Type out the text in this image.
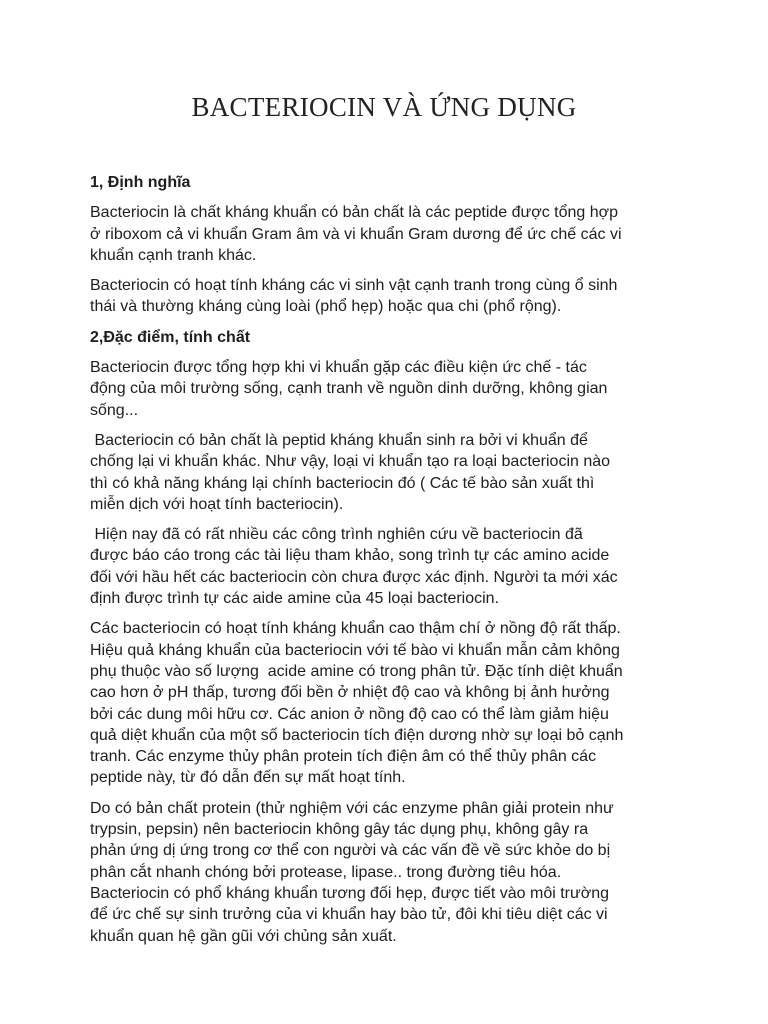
BACTERIOCIN VÀ ỨNG DỤNG
1, Định nghĩa
Bacteriocin là chất kháng khuẩn có bản chất là các peptide được tổng hợp
ở riboxom cả vi khuẩn Gram âm và vi khuẩn Gram dương để ức chế các vi
khuẩn cạnh tranh khác.
Bacteriocin có hoạt tính kháng các vi sinh vật cạnh tranh trong cùng ổ sinh
thái và thường kháng cùng loài (phổ hẹp) hoặc qua chi (phổ rộng).
2,Đặc điểm, tính chất
Bacteriocin được tổng hợp khi vi khuẩn gặp các điều kiện ức chế - tác
động của môi trường sống, cạnh tranh về nguồn dinh dưỡng, không gian
sống...
Bacteriocin có bản chất là peptid kháng khuẩn sinh ra bởi vi khuẩn để
chống lại vi khuẩn khác. Như vậy, loại vi khuẩn tạo ra loại bacteriocin nào
thì có khả năng kháng lại chính bacteriocin đó ( Các tế bào sản xuất thì
miễn dịch với hoạt tính bacteriocin).
Hiện nay đã có rất nhiều các công trình nghiên cứu về bacteriocin đã
được báo cáo trong các tài liệu tham khảo, song trình tự các amino acide
đối với hầu hết các bacteriocin còn chưa được xác định. Người ta mới xác
định được trình tự các aide amine của 45 loại bacteriocin.
Các bacteriocin có hoạt tính kháng khuẩn cao thậm chí ở nồng độ rất thấp.
Hiệu quả kháng khuẩn của bacteriocin với tế bào vi khuẩn mẫn cảm không
phụ thuộc vào số lượng  acide amine có trong phân tử. Đặc tính diệt khuẩn
cao hơn ở pH thấp, tương đối bền ở nhiệt độ cao và không bị ảnh hưởng
bởi các dung môi hữu cơ. Các anion ở nồng độ cao có thể làm giảm hiệu
quả diệt khuẩn của một số bacteriocin tích điện dương nhờ sự loại bỏ cạnh
tranh. Các enzyme thủy phân protein tích điện âm có thể thủy phân các
peptide này, từ đó dẫn đến sự mất hoạt tính.
Do có bản chất protein (thử nghiệm với các enzyme phân giải protein như
trypsin, pepsin) nên bacteriocin không gây tác dụng phụ, không gây ra
phản ứng dị ứng trong cơ thể con người và các vấn đề về sức khỏe do bị
phân cắt nhanh chóng bởi protease, lipase.. trong đường tiêu hóa.
Bacteriocin có phổ kháng khuẩn tương đối hẹp, được tiết vào môi trường
để ức chế sự sinh trưởng của vi khuẩn hay bào tử, đôi khi tiêu diệt các vi
khuẩn quan hệ gần gũi với chủng sản xuất.
